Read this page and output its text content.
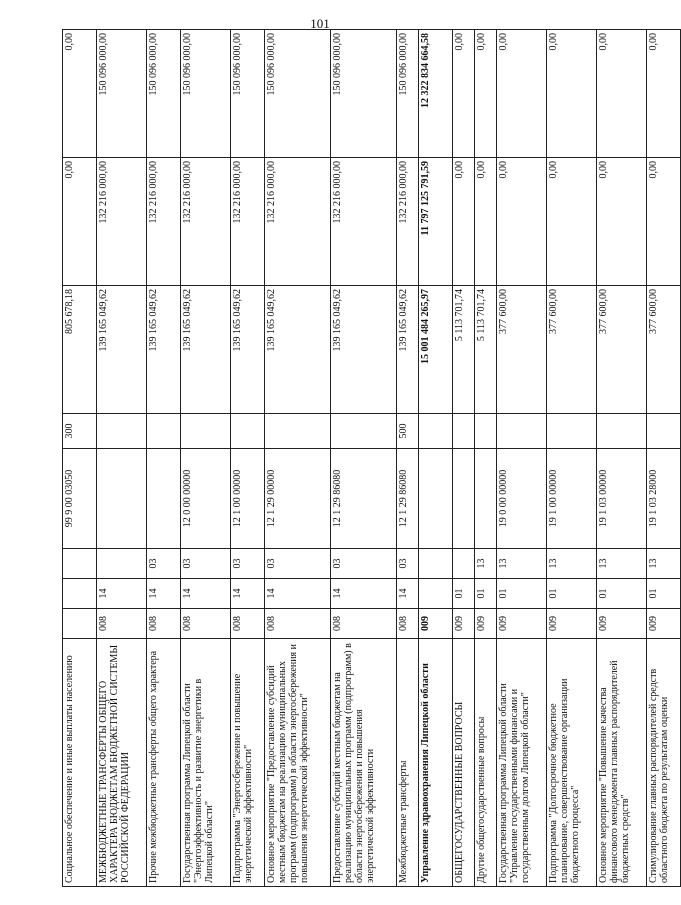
101
Социальное обеспечение и иные выплаты населению				99 9 00 03050	300	805 678,18	0,00	0,00
МЕЖБЮДЖЕТНЫЕ ТРАНСФЕРТЫ ОБЩЕГО ХАРАКТЕРА БЮДЖЕТАМ БЮДЖЕТНОЙ СИСТЕМЫ РОССИЙСКОЙ ФЕДЕРАЦИИ	008	14				139 165 049,62	132 216 000,00	150 096 000,00
Прочие межбюджетные трансферты общего характера	008	14	03			139 165 049,62	132 216 000,00	150 096 000,00
Государственная программа Липецкой области "Энергоэффективность и развитие энергетики в Липецкой области"	008	14	03	12 0 00 00000		139 165 049,62	132 216 000,00	150 096 000,00
Подпрограмма "Энергосбережение и повышение энергетической эффективности"	008	14	03	12 1 00 00000		139 165 049,62	132 216 000,00	150 096 000,00
Основное мероприятие "Предоставление субсидий местным бюджетам на реализацию муниципальных программ (подпрограмм) в области энергосбережения и повышения энергетической эффективности"	008	14	03	12 1 29 00000		139 165 049,62	132 216 000,00	150 096 000,00
Предоставление субсидий местным бюджетам на реализацию муниципальных программ (подпрограмм) в области энергосбережения и повышения энергетической эффективности	008	14	03	12 1 29 86080		139 165 049,62	132 216 000,00	150 096 000,00
Межбюджетные трансферты	008	14	03	12 1 29 86080	500	139 165 049,62	132 216 000,00	150 096 000,00
Управление здравоохранения Липецкой области	009					15 001 484 265,97	11 797 125 791,59	12 322 834 664,58
ОБЩЕГОСУДАРСТВЕННЫЕ ВОПРОСЫ	009	01				5 113 701,74	0,00	0,00
Другие общегосударственные вопросы	009	01	13			5 113 701,74	0,00	0,00
Государственная программа Липецкой области "Управление государственными финансами и государственным долгом Липецкой области"	009	01	13	19 0 00 00000		377 600,00	0,00	0,00
Подпрограмма "Долгосрочное бюджетное планирование, совершенствование организации бюджетного процесса"	009	01	13	19 1 00 00000		377 600,00	0,00	0,00
Основное мероприятие "Повышение качества финансового менеджмента главных распорядителей бюджетных средств"	009	01	13	19 1 03 00000		377 600,00	0,00	0,00
Стимулирование главных распорядителей средств областного бюджета по результатам оценки	009	01	13	19 1 03 28000		377 600,00	0,00	0,00
